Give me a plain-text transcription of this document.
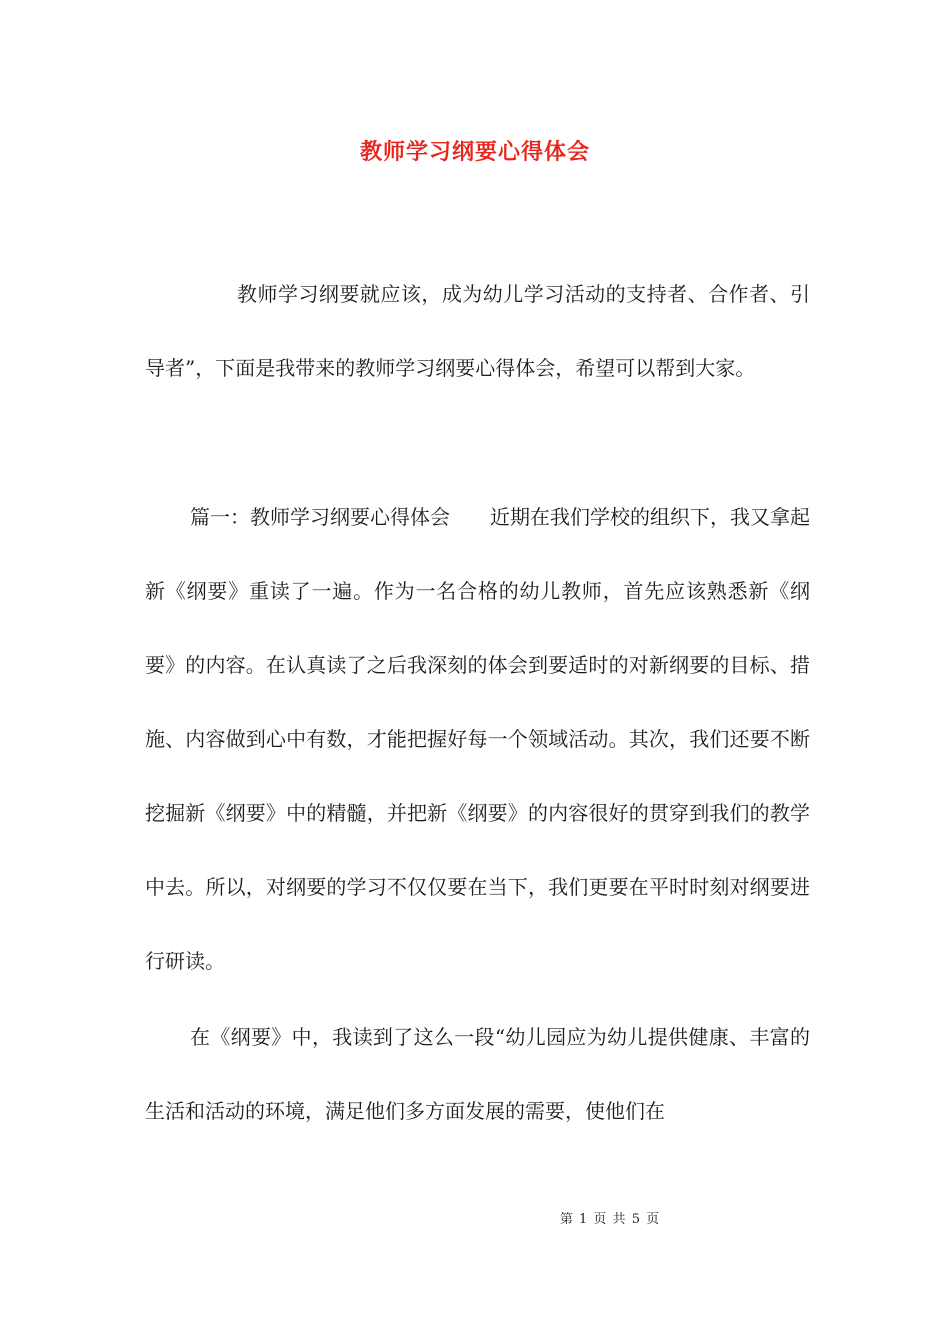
教师学习纲要心得体会

教师学习纲要就应该，成为幼儿学习活动的支持者、合作者、引导者”，下面是我带来的教师学习纲要心得体会，希望可以帮到大家。

篇一：教师学习纲要心得体会　　近期在我们学校的组织下，我又拿起新《纲要》重读了一遍。作为一名合格的幼儿教师，首先应该熟悉新《纲要》的内容。在认真读了之后我深刻的体会到要适时的对新纲要的目标、措施、内容做到心中有数，才能把握好每一个领域活动。其次，我们还要不断挖掘新《纲要》中的精髓，并把新《纲要》的内容很好的贯穿到我们的教学中去。所以，对纲要的学习不仅仅要在当下，我们更要在平时时刻对纲要进行研读。

在《纲要》中，我读到了这么一段“幼儿园应为幼儿提供健康、丰富的生活和活动的环境，满足他们多方面发展的需要，使他们在

第 1 页 共 5 页
